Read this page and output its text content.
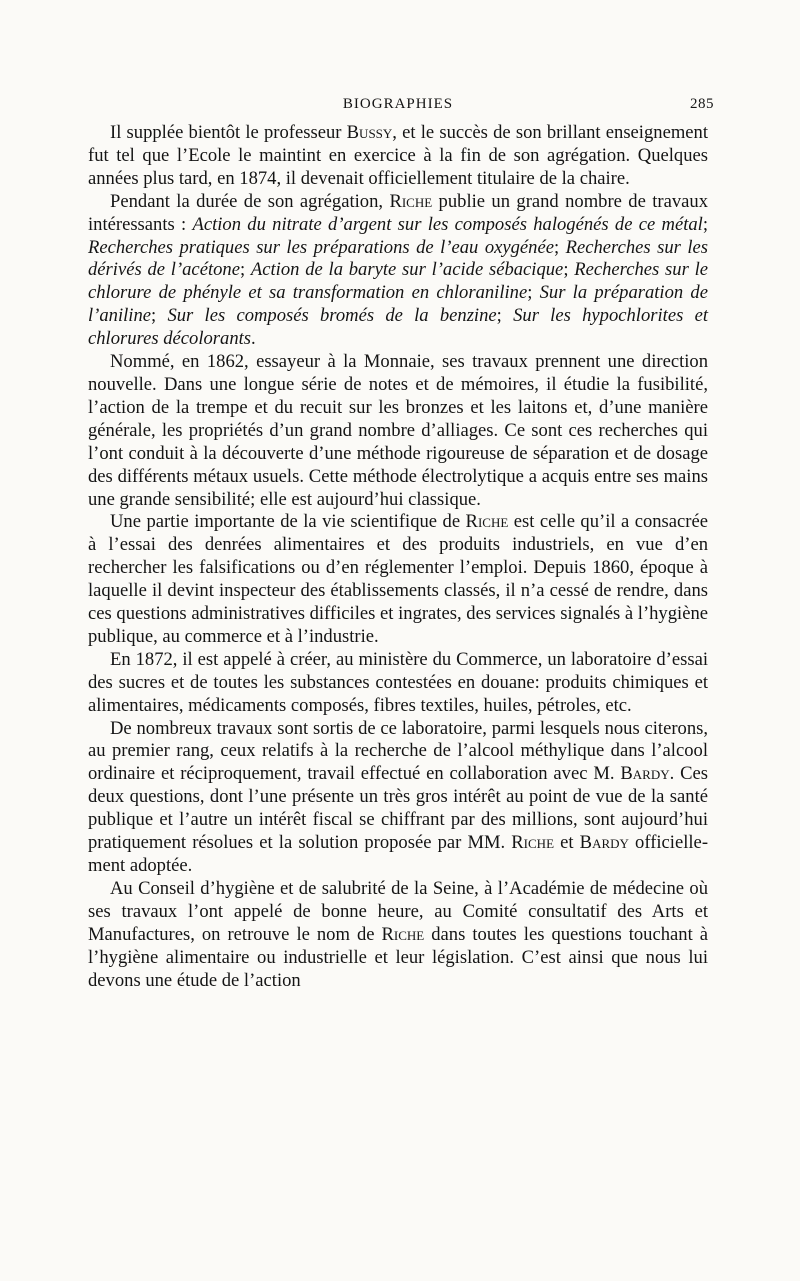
BIOGRAPHIES	285

Il supplée bientôt le professeur Bussy, et le succès de son brillant enseignement fut tel que l’Ecole le maintint en exercice à la fin de son agrégation. Quelques années plus tard, en 1874, il devenait officiellement titulaire de la chaire.

Pendant la durée de son agrégation, Riche publie un grand nombre de travaux intéressants : Action du nitrate d’argent sur les composés halogénés de ce métal; Recherches pratiques sur les préparations de l’eau oxygénée; Recherches sur les dérivés de l’acétone; Action de la baryte sur l’acide sébacique; Recherches sur le chlorure de phényle et sa transformation en chloraniline; Sur la préparation de l’aniline; Sur les composés bromés de la benzine; Sur les hypochlorites et chlorures décolorants.

Nommé, en 1862, essayeur à la Monnaie, ses travaux prennent une direction nouvelle. Dans une longue série de notes et de mémoires, il étudie la fusibilité, l’action de la trempe et du recuit sur les bronzes et les laitons et, d’une manière générale, les propriétés d’un grand nombre d’alliages. Ce sont ces recherches qui l’ont conduit à la découverte d’une méthode rigoureuse de séparation et de dosage des différents métaux usuels. Cette méthode électrolytique a acquis entre ses mains une grande sensibilité; elle est aujourd’hui classique.

Une partie importante de la vie scientifique de Riche est celle qu’il a consacrée à l’essai des denrées alimentaires et des produits industriels, en vue d’en rechercher les falsifications ou d’en réglementer l’emploi. Depuis 1860, époque à laquelle il devint inspecteur des établissements classés, il n’a cessé de rendre, dans ces questions administratives difficiles et ingrates, des services signalés à l’hygiène publique, au commerce et à l’industrie.

En 1872, il est appelé à créer, au ministère du Commerce, un laboratoire d’essai des sucres et de toutes les substances contestées en douane: produits chimiques et alimentaires, médicaments composés, fibres textiles, huiles, pétroles, etc.

De nombreux travaux sont sortis de ce laboratoire, parmi lesquels nous citerons, au premier rang, ceux relatifs à la recherche de l’alcool méthylique dans l’alcool ordinaire et réciproquement, travail effectué en collaboration avec M. Bardy. Ces deux questions, dont l’une présente un très gros intérêt au point de vue de la santé publique et l’autre un intérêt fiscal se chiffrant par des millions, sont aujourd’hui pratiquement résolues et la solution proposée par MM. Riche et Bardy officiellement adoptée.

Au Conseil d’hygiène et de salubrité de la Seine, à l’Académie de médecine où ses travaux l’ont appelé de bonne heure, au Comité consultatif des Arts et Manufactures, on retrouve le nom de Riche dans toutes les questions touchant à l’hygiène alimentaire ou industrielle et leur législation. C’est ainsi que nous lui devons une étude de l’action
